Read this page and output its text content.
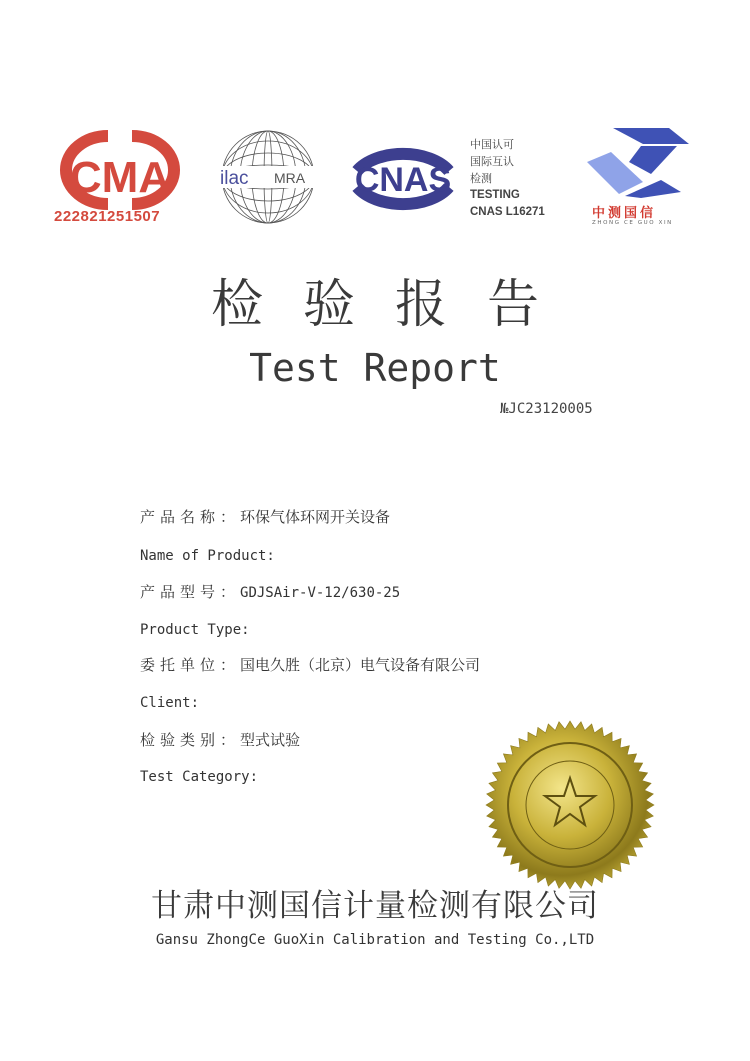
CMA
222821251507
ilac MRA CNAS
中国认可
国际互认
检测
TESTING
CNAS L16271	中测国信
ZHONG CE GUO XIN
检验报告
Test Report
№JC23120005
产品名称：环保气体环网开关设备
Name of Product:
产品型号：GDJSAir-V-12/630-25
Product Type:
委托单位：国电久胜（北京）电气设备有限公司
Client:
检验类别：型式试验
Test Category:
甘肃中测国信计量检测有限公司
Gansu ZhongCe GuoXin Calibration and Testing Co.,LTD
